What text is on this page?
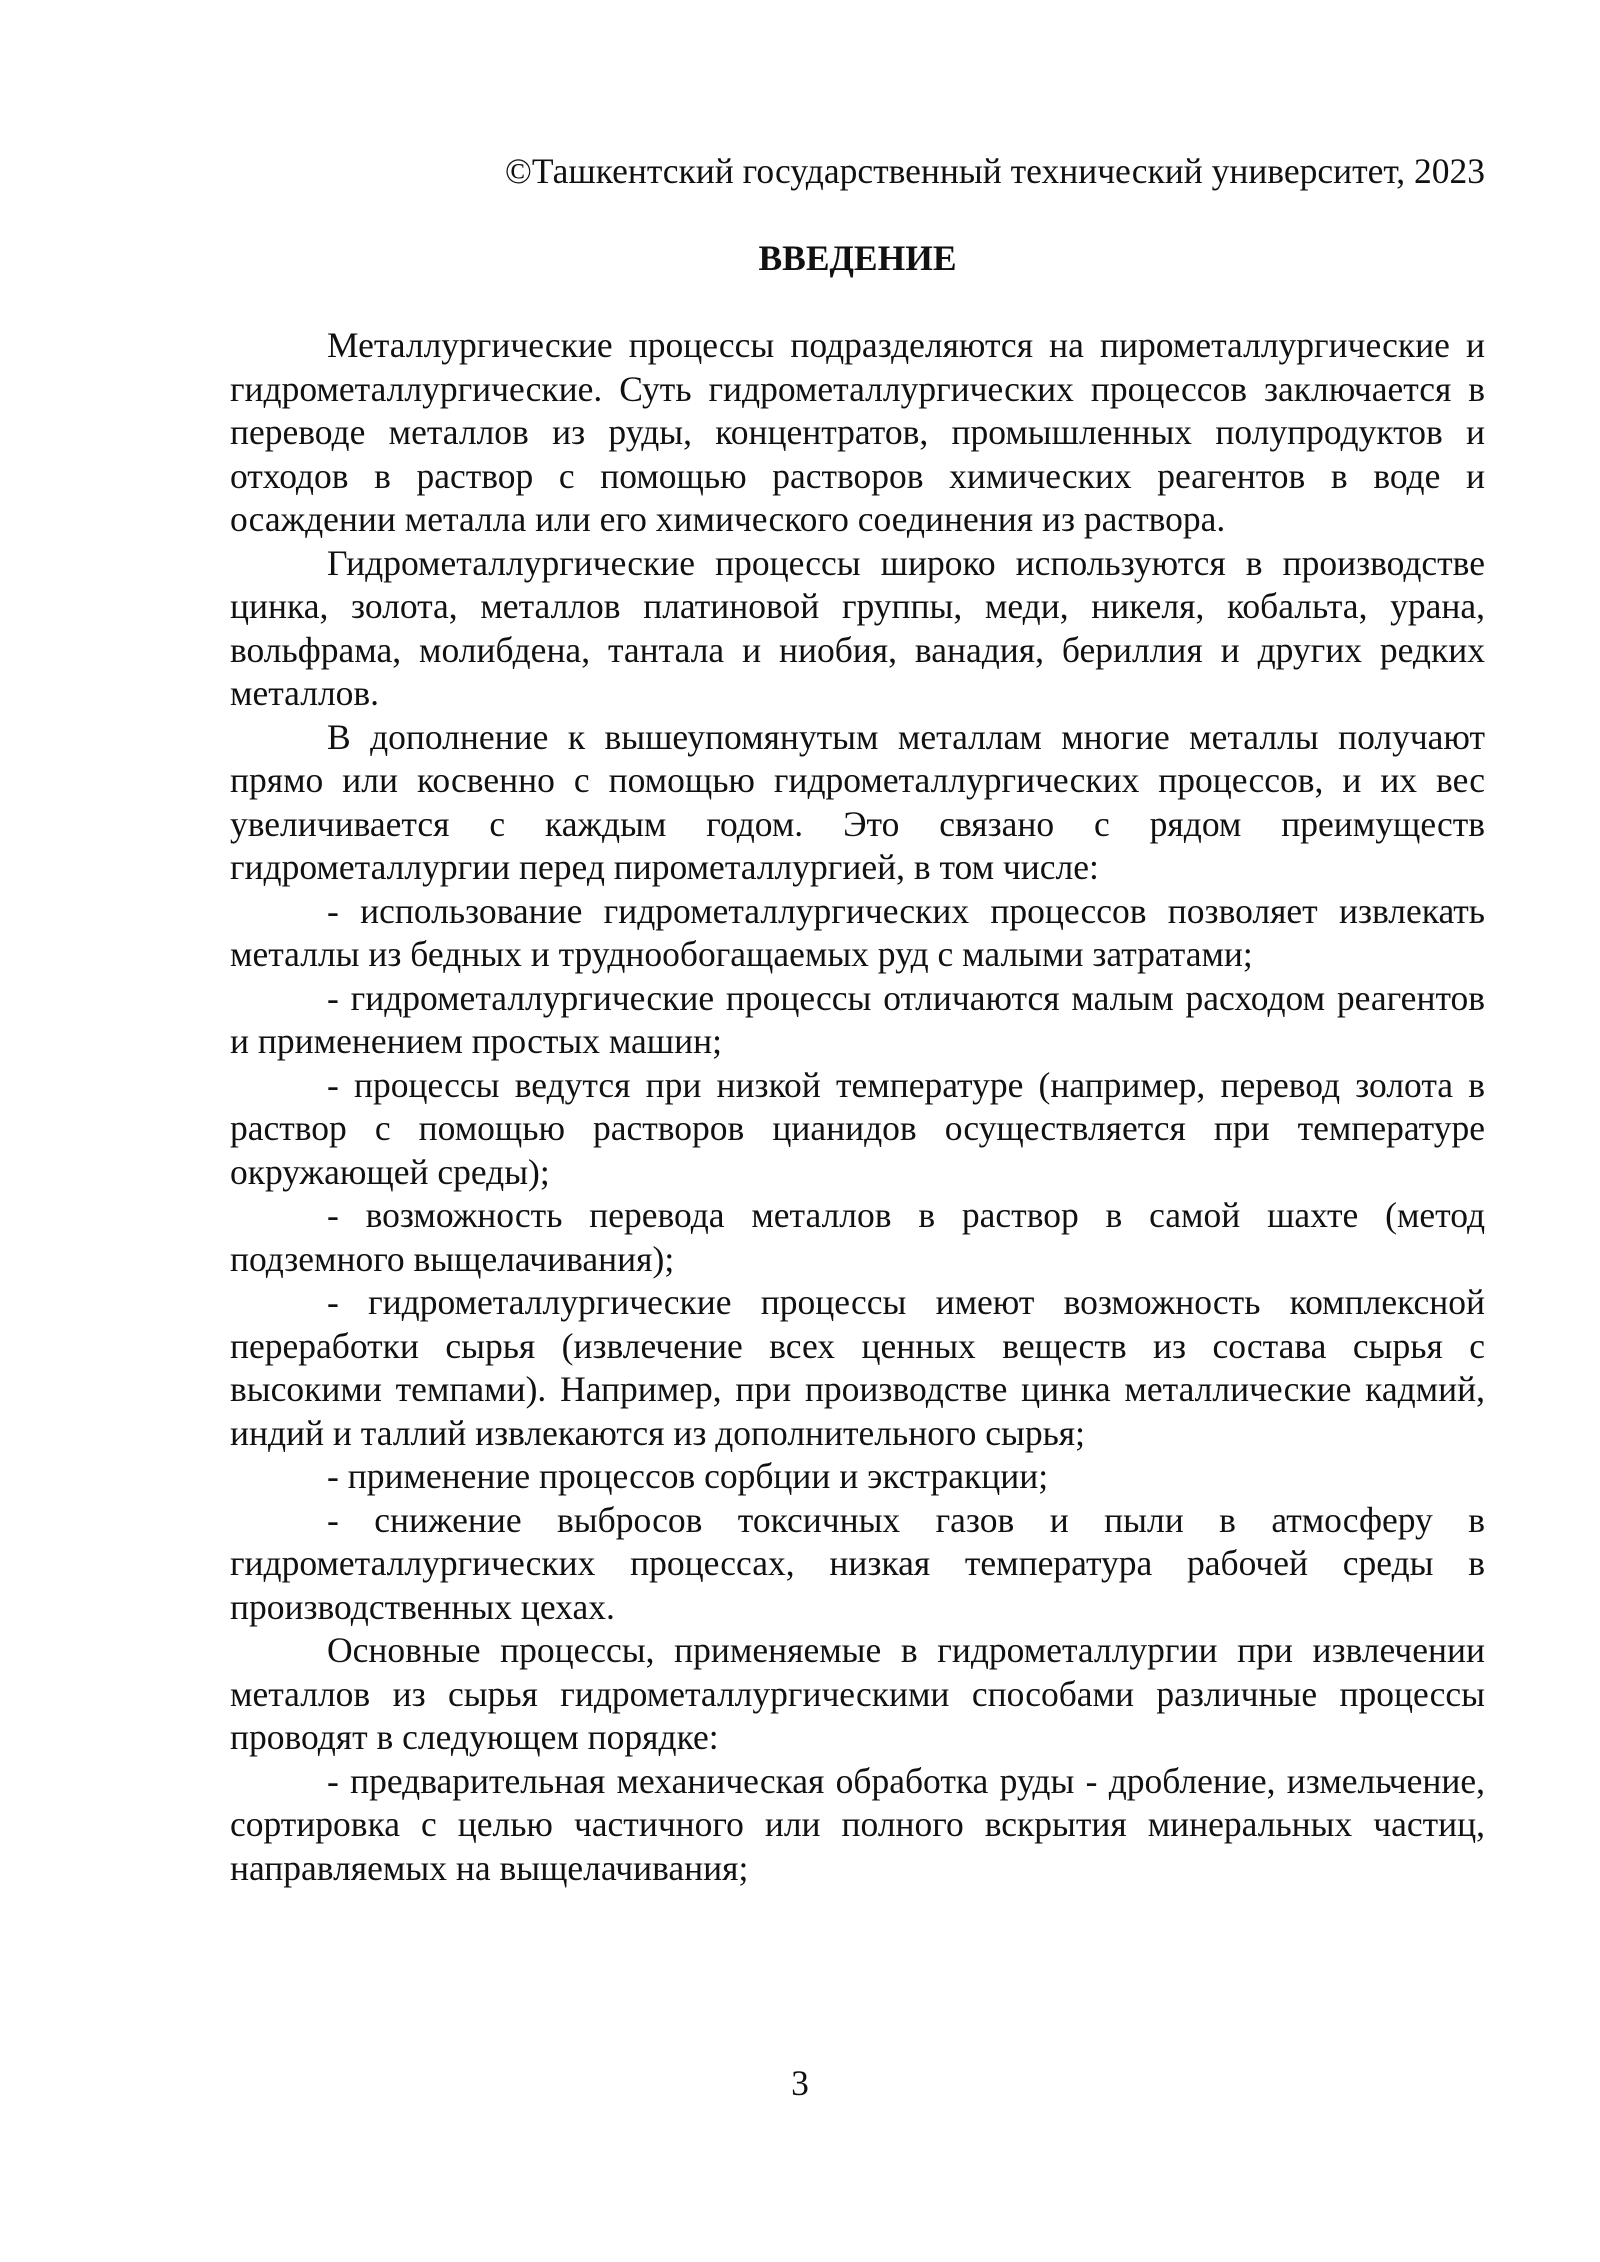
©Ташкентский государственный технический университет, 2023

ВВЕДЕНИЕ

Металлургические процессы подразделяются на пирометаллургические и гидрометаллургические. Суть гидрометаллургических процессов заключается в переводе металлов из руды, концентратов, промышленных полупродуктов и отходов в раствор с помощью растворов химических реагентов в воде и осаждении металла или его химического соединения из раствора.

Гидрометаллургические процессы широко используются в производстве цинка, золота, металлов платиновой группы, меди, никеля, кобальта, урана, вольфрама, молибдена, тантала и ниобия, ванадия, бериллия и других редких металлов.

В дополнение к вышеупомянутым металлам многие металлы получают прямо или косвенно с помощью гидрометаллургических процессов, и их вес увеличивается с каждым годом. Это связано с рядом преимуществ гидрометаллургии перед пирометаллургией, в том числе:

- использование гидрометаллургических процессов позволяет извлекать металлы из бедных и труднообогащаемых руд с малыми затратами;

- гидрометаллургические процессы отличаются малым расходом реагентов и применением простых машин;

- процессы ведутся при низкой температуре (например, перевод золота в раствор с помощью растворов цианидов осуществляется при температуре окружающей среды);

- возможность перевода металлов в раствор в самой шахте (метод подземного выщелачивания);

- гидрометаллургические процессы имеют возможность комплексной переработки сырья (извлечение всех ценных веществ из состава сырья с высокими темпами). Например, при производстве цинка металлические кадмий, индий и таллий извлекаются из дополнительного сырья;

- применение процессов сорбции и экстракции;

- снижение выбросов токсичных газов и пыли в атмосферу в гидрометаллургических процессах, низкая температура рабочей среды в производственных цехах.

Основные процессы, применяемые в гидрометаллургии при извлечении металлов из сырья гидрометаллургическими способами различные процессы проводят в следующем порядке:

- предварительная механическая обработка руды - дробление, измельчение, сортировка с целью частичного или полного вскрытия минеральных частиц, направляемых на выщелачивания;

3
